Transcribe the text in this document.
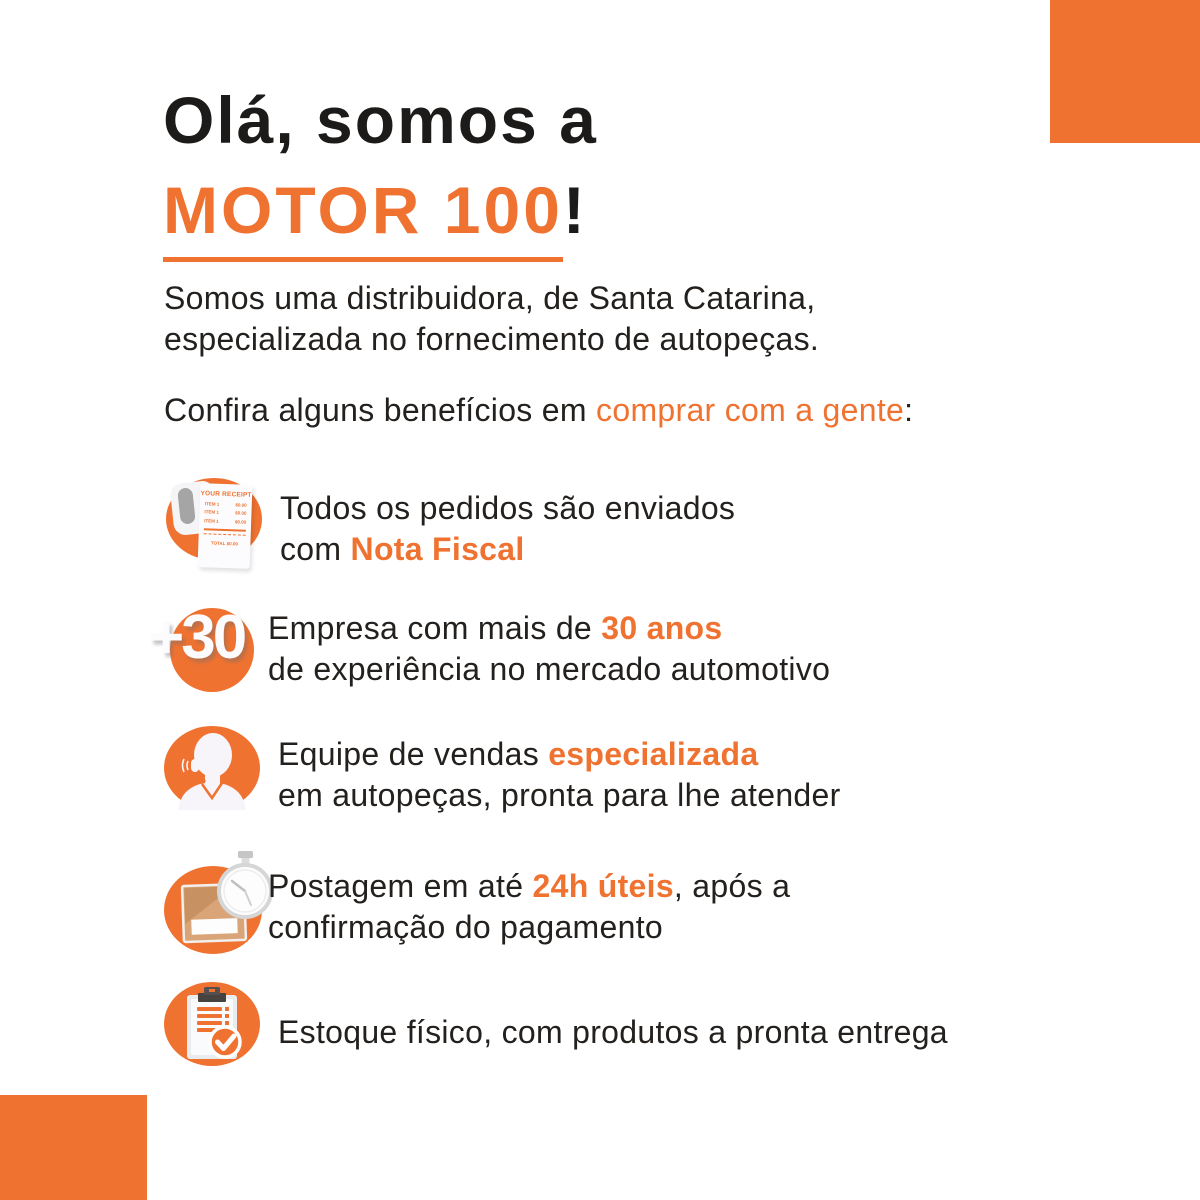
Olá, somos a
MOTOR 100!
Somos uma distribuidora, de Santa Catarina,
especializada no fornecimento de autopeças.
Confira alguns benefícios em comprar com a gente:
YOUR RECEIPT
ITEM 1	$0.00
ITEM 1	$0.00
ITEM 1	$0.00
TOTAL $0.00
Todos os pedidos são enviados
com Nota Fiscal
+30 Empresa com mais de 30 anos
de experiência no mercado automotivo
Equipe de vendas especializada
em autopeças, pronta para lhe atender
Postagem em até 24h úteis, após a
confirmação do pagamento
Estoque físico, com produtos a pronta entrega
